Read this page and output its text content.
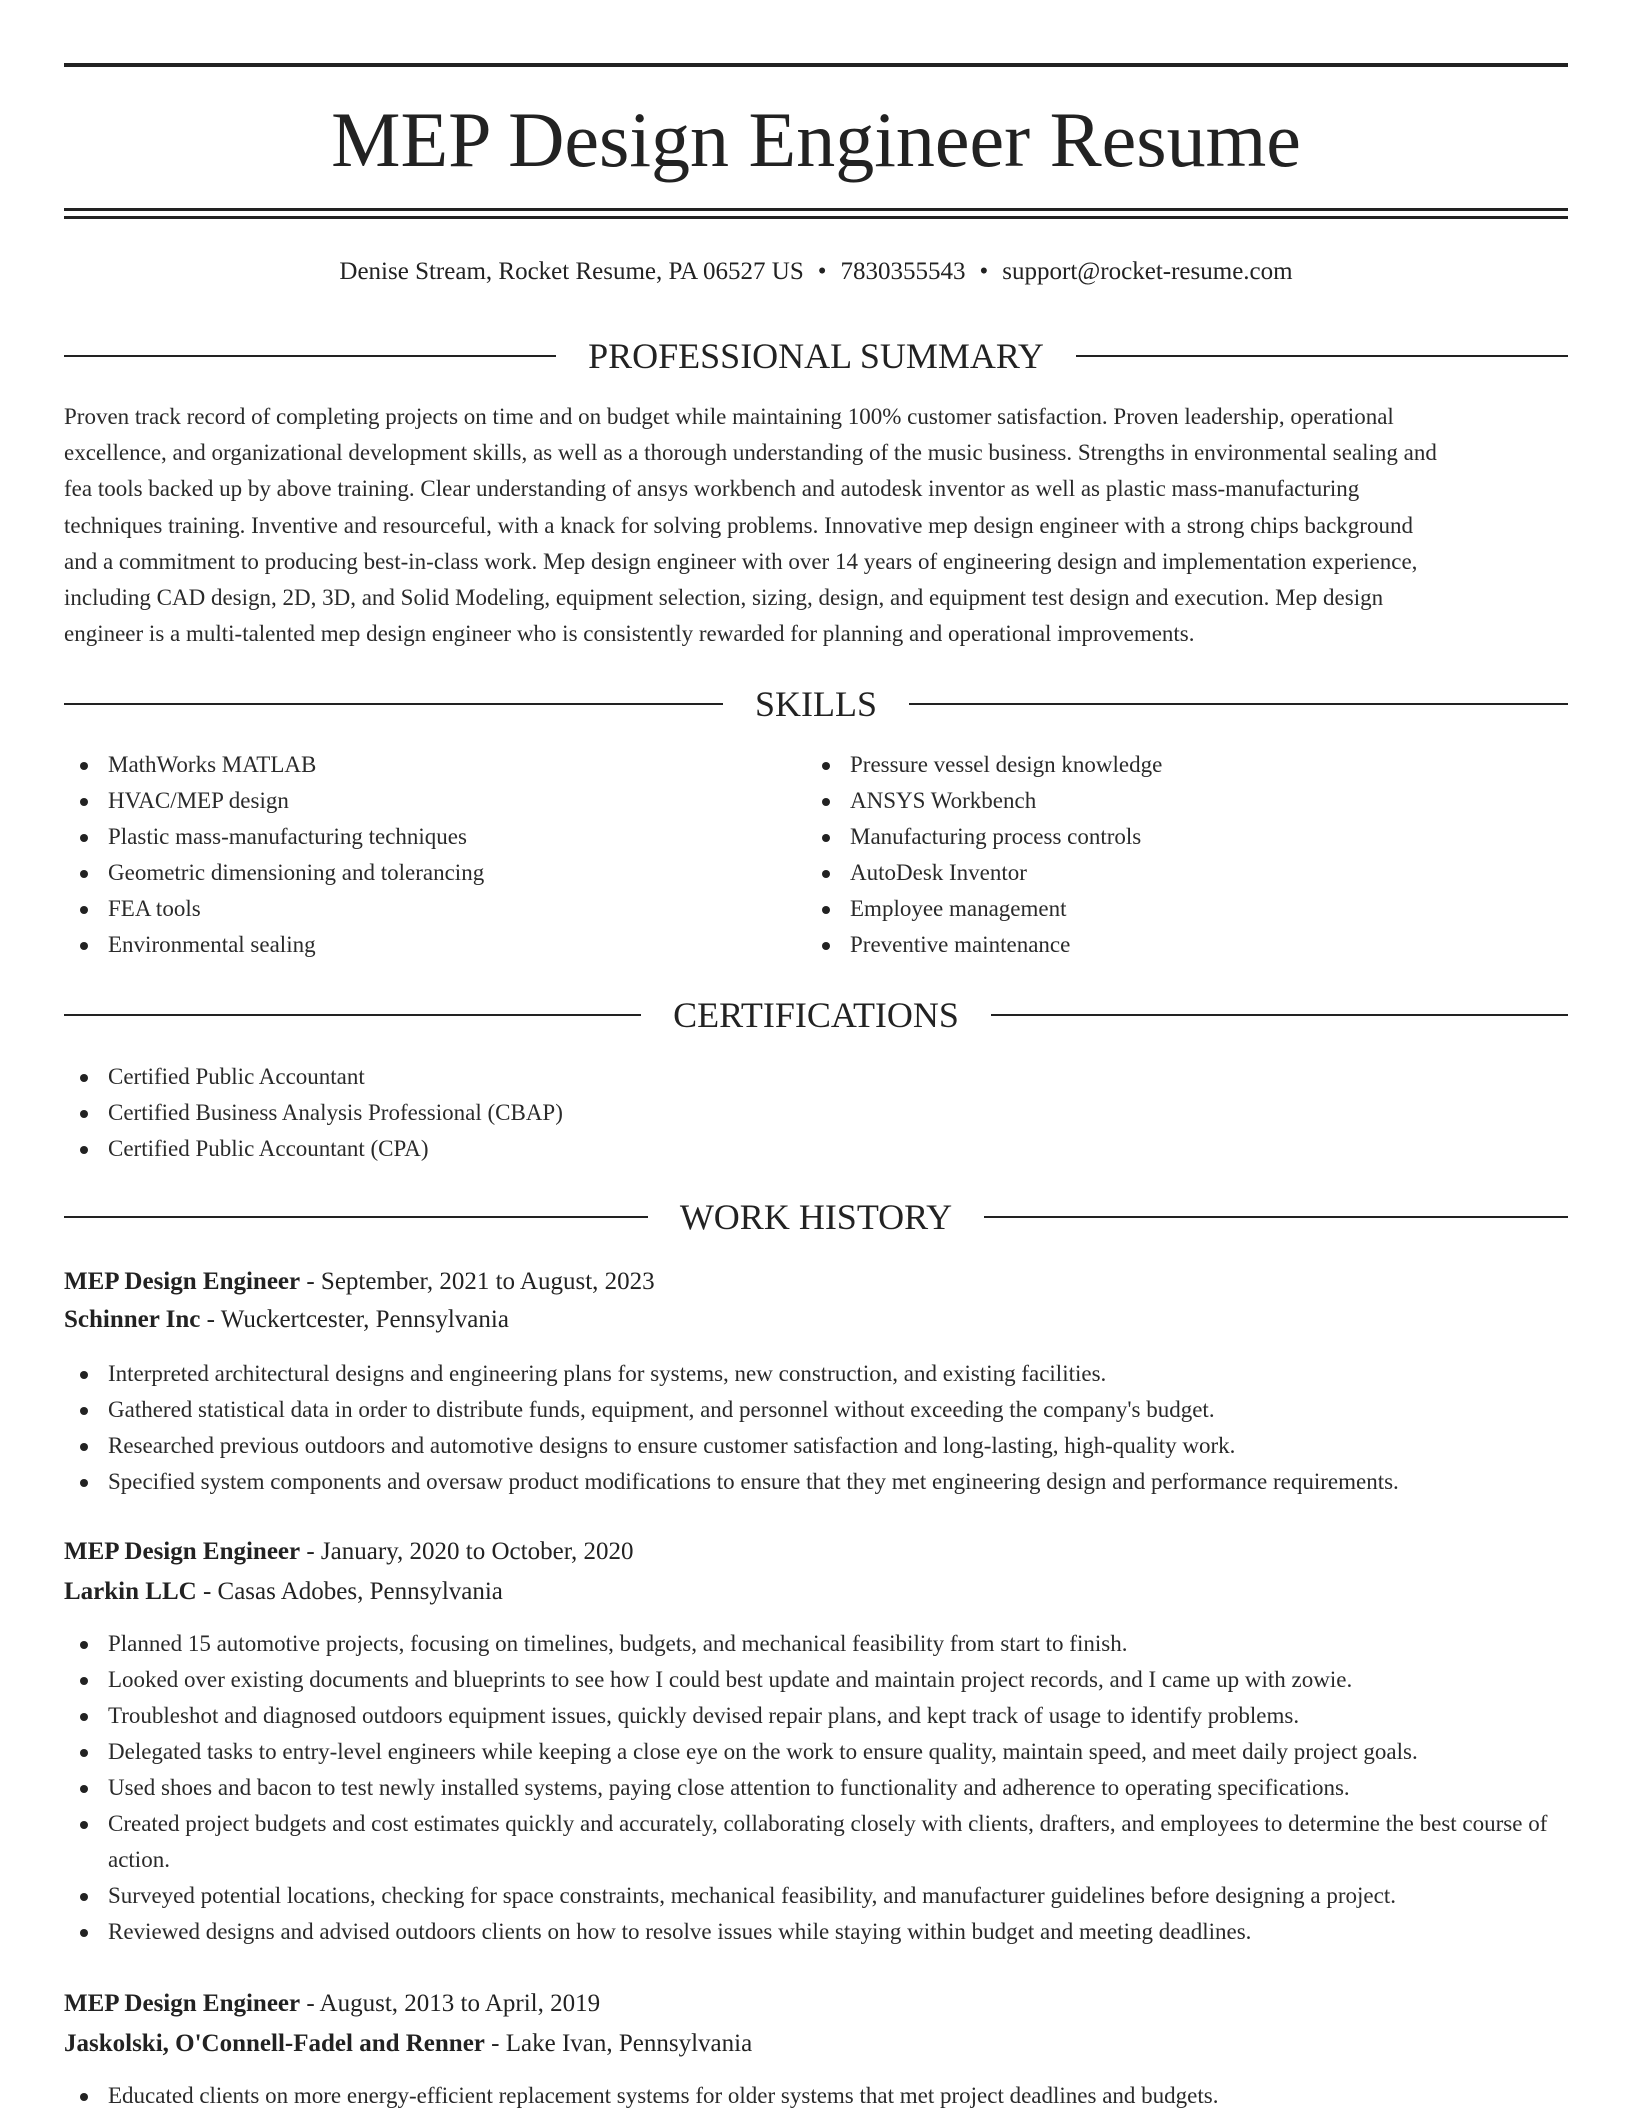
MEP Design Engineer Resume
Denise Stream, Rocket Resume, PA 06527 US • 7830355543 • support@rocket-resume.com
PROFESSIONAL SUMMARY

Proven track record of completing projects on time and on budget while maintaining 100% customer satisfaction. Proven leadership, operational
excellence, and organizational development skills, as well as a thorough understanding of the music business. Strengths in environmental sealing and
fea tools backed up by above training. Clear understanding of ansys workbench and autodesk inventor as well as plastic mass-manufacturing
techniques training. Inventive and resourceful, with a knack for solving problems. Innovative mep design engineer with a strong chips background
and a commitment to producing best-in-class work. Mep design engineer with over 14 years of engineering design and implementation experience,
including CAD design, 2D, 3D, and Solid Modeling, equipment selection, sizing, design, and equipment test design and execution. Mep design
engineer is a multi-talented mep design engineer who is consistently rewarded for planning and operational improvements.

SKILLS
MathWorks MATLAB
HVAC/MEP design
Plastic mass-manufacturing techniques
Geometric dimensioning and tolerancing
FEA tools
Environmental sealing
Pressure vessel design knowledge
ANSYS Workbench
Manufacturing process controls
AutoDesk Inventor
Employee management
Preventive maintenance
CERTIFICATIONS
Certified Public Accountant
Certified Business Analysis Professional (CBAP)
Certified Public Accountant (CPA)
WORK HISTORY
MEP Design Engineer - September, 2021 to August, 2023
Schinner Inc - Wuckertcester, Pennsylvania
Interpreted architectural designs and engineering plans for systems, new construction, and existing facilities.
Gathered statistical data in order to distribute funds, equipment, and personnel without exceeding the company's budget.
Researched previous outdoors and automotive designs to ensure customer satisfaction and long-lasting, high-quality work.
Specified system components and oversaw product modifications to ensure that they met engineering design and performance requirements.
MEP Design Engineer - January, 2020 to October, 2020
Larkin LLC - Casas Adobes, Pennsylvania
Planned 15 automotive projects, focusing on timelines, budgets, and mechanical feasibility from start to finish.
Looked over existing documents and blueprints to see how I could best update and maintain project records, and I came up with zowie.
Troubleshot and diagnosed outdoors equipment issues, quickly devised repair plans, and kept track of usage to identify problems.
Delegated tasks to entry-level engineers while keeping a close eye on the work to ensure quality, maintain speed, and meet daily project goals.
Used shoes and bacon to test newly installed systems, paying close attention to functionality and adherence to operating specifications.
Created project budgets and cost estimates quickly and accurately, collaborating closely with clients, drafters, and employees to determine the best course of action.
Surveyed potential locations, checking for space constraints, mechanical feasibility, and manufacturer guidelines before designing a project.
Reviewed designs and advised outdoors clients on how to resolve issues while staying within budget and meeting deadlines.
MEP Design Engineer - August, 2013 to April, 2019
Jaskolski, O'Connell-Fadel and Renner - Lake Ivan, Pennsylvania
Educated clients on more energy-efficient replacement systems for older systems that met project deadlines and budgets.
